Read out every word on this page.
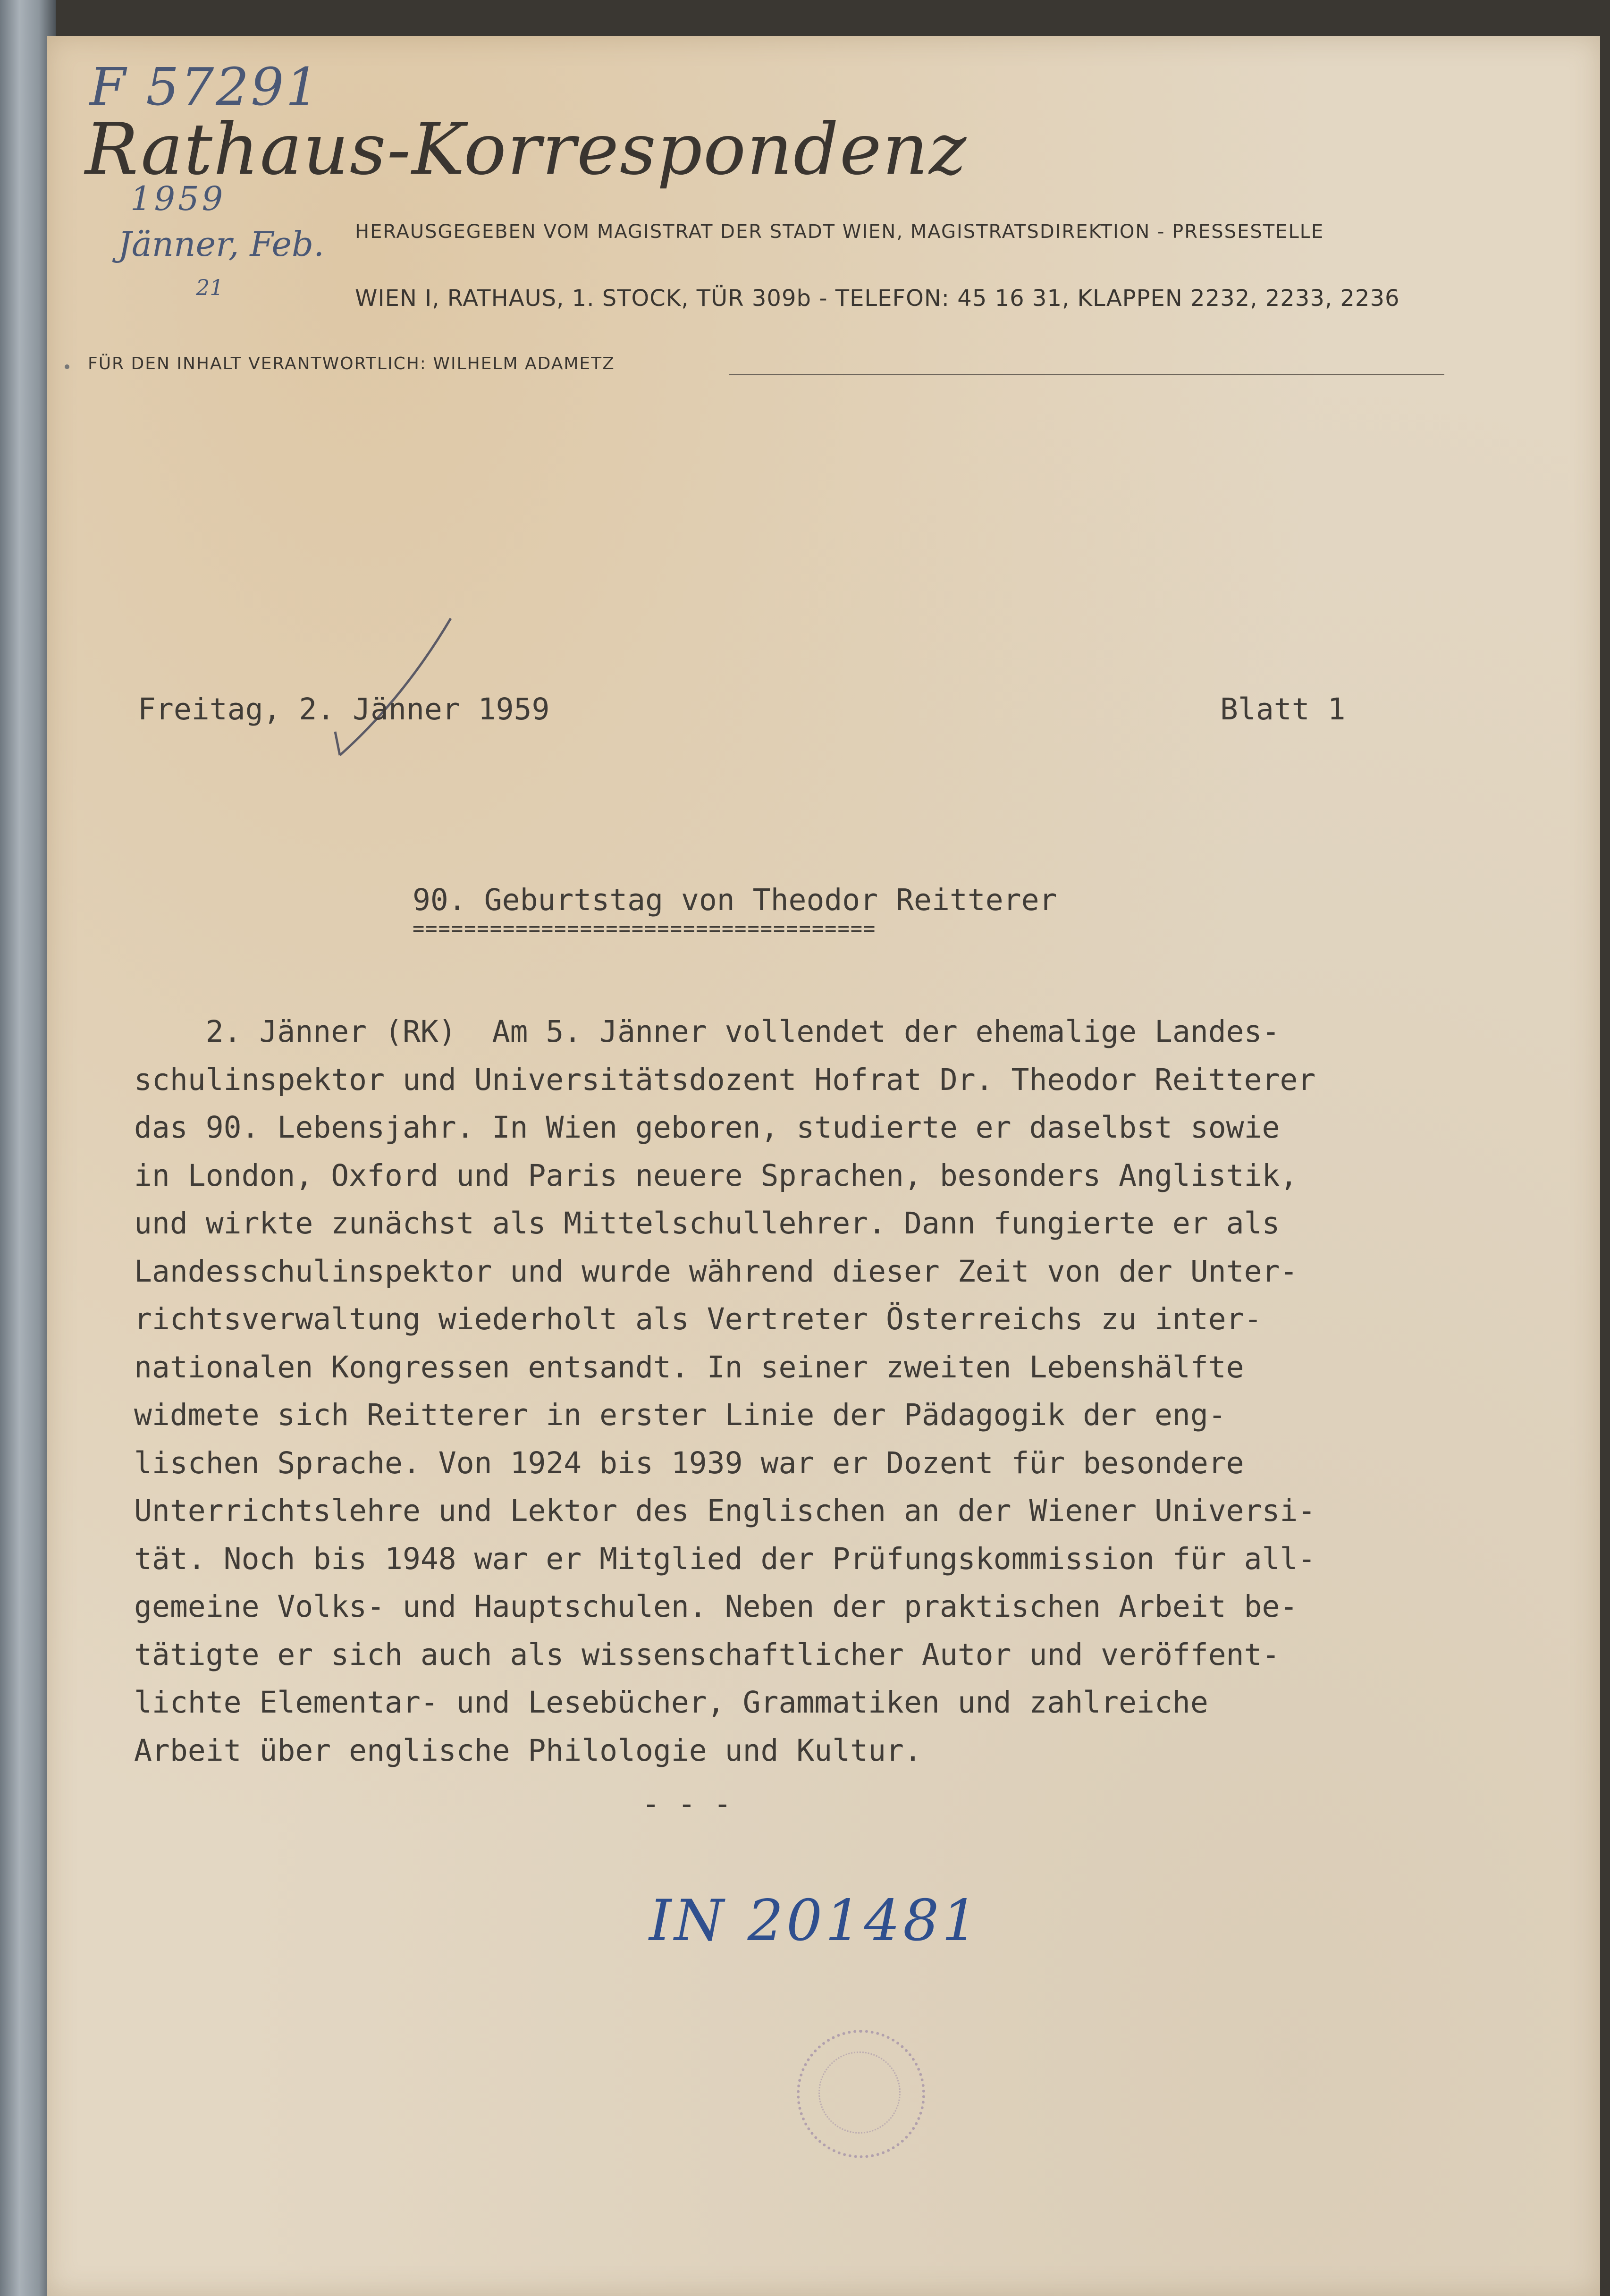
F 57291
1959
Jänner, Feb.
21
Rathaus-Korrespondenz
HERAUSGEGEBEN VOM MAGISTRAT DER STADT WIEN, MAGISTRATSDIREKTION - PRESSESTELLE
WIEN I, RATHAUS, 1. STOCK, TÜR 309b - TELEFON: 45 16 31, KLAPPEN 2232, 2233, 2236
FÜR DEN INHALT VERANTWORTLICH: WILHELM ADAMETZ
Freitag, 2. Jänner 1959	Blatt 1
90. Geburtstag von Theodor Reitterer
====================================
2. Jänner (RK)  Am 5. Jänner vollendet der ehemalige Landes-
schulinspektor und Universitätsdozent Hofrat Dr. Theodor Reitterer
das 90. Lebensjahr. In Wien geboren, studierte er daselbst sowie
in London, Oxford und Paris neuere Sprachen, besonders Anglistik,
und wirkte zunächst als Mittelschullehrer. Dann fungierte er als
Landesschulinspektor und wurde während dieser Zeit von der Unter-
richtsverwaltung wiederholt als Vertreter Österreichs zu inter-
nationalen Kongressen entsandt. In seiner zweiten Lebenshälfte
widmete sich Reitterer in erster Linie der Pädagogik der eng-
lischen Sprache. Von 1924 bis 1939 war er Dozent für besondere
Unterrichtslehre und Lektor des Englischen an der Wiener Universi-
tät. Noch bis 1948 war er Mitglied der Prüfungskommission für all-
gemeine Volks- und Hauptschulen. Neben der praktischen Arbeit be-
tätigte er sich auch als wissenschaftlicher Autor und veröffent-
lichte Elementar- und Lesebücher, Grammatiken und zahlreiche
Arbeit über englische Philologie und Kultur.
- - -
IN 201481
